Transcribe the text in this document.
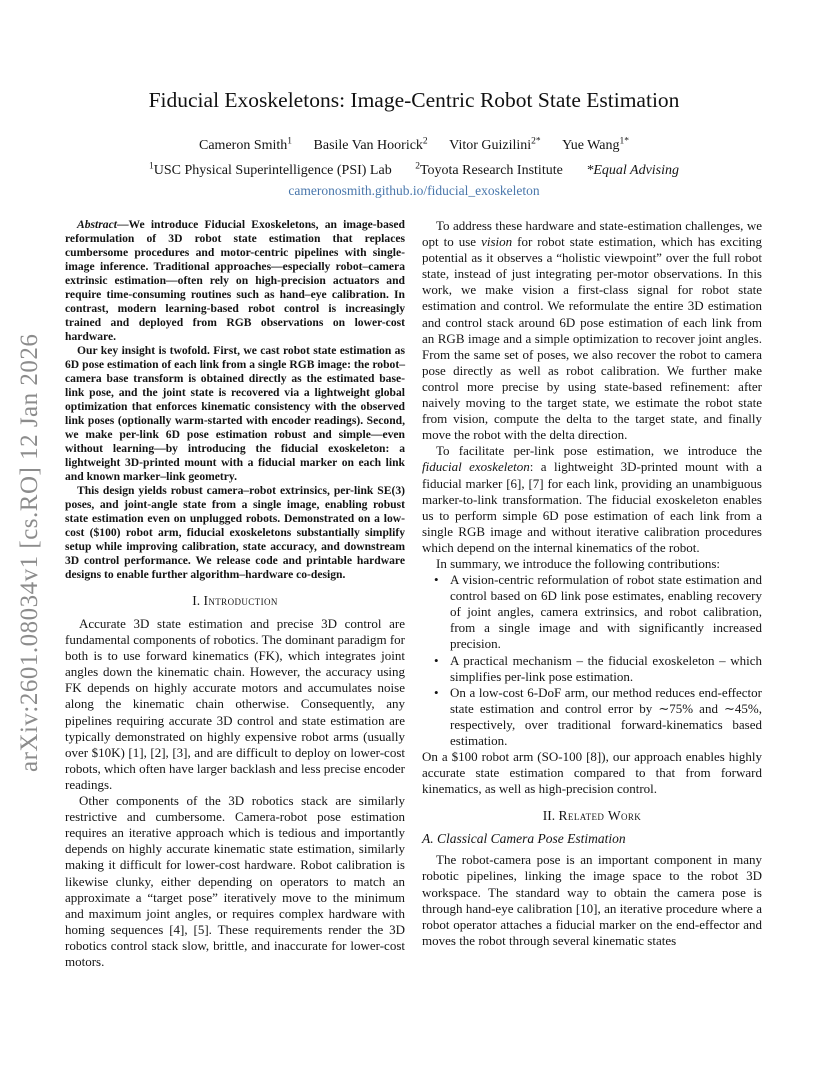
arXiv:2601.08034v1 [cs.RO] 12 Jan 2026
Fiducial Exoskeletons: Image-Centric Robot State Estimation
Cameron Smith$^1$ Basile Van Hoorick$^2$ Vitor Guizilini$^{2*}$ Yue Wang$^{1*}$
$^1$USC Physical Superintelligence (PSI) Lab $^2$Toyota Research Institute *Equal Advising
cameronosmith.github.io/fiducial_exoskeleton

Abstract—We introduce Fiducial Exoskeletons, an image-based reformulation of 3D robot state estimation that replaces cumbersome procedures and motor-centric pipelines with single-image inference. Traditional approaches—especially robot–camera extrinsic estimation—often rely on high-precision actuators and require time-consuming routines such as hand–eye calibration. In contrast, modern learning-based robot control is increasingly trained and deployed from RGB observations on lower-cost hardware.

Our key insight is twofold. First, we cast robot state estimation as 6D pose estimation of each link from a single RGB image: the robot–camera base transform is obtained directly as the estimated base-link pose, and the joint state is recovered via a lightweight global optimization that enforces kinematic consistency with the observed link poses (optionally warm-started with encoder readings). Second, we make per-link 6D pose estimation robust and simple—even without learning—by introducing the fiducial exoskeleton: a lightweight 3D-printed mount with a fiducial marker on each link and known marker–link geometry.

This design yields robust camera–robot extrinsics, per-link SE(3) poses, and joint-angle state from a single image, enabling robust state estimation even on unplugged robots. Demonstrated on a low-cost ($100) robot arm, fiducial exoskeletons substantially simplify setup while improving calibration, state accuracy, and downstream 3D control performance. We release code and printable hardware designs to enable further algorithm–hardware co-design.

I. Introduction

Accurate 3D state estimation and precise 3D control are fundamental components of robotics. The dominant paradigm for both is to use forward kinematics (FK), which integrates joint angles down the kinematic chain. However, the accuracy using FK depends on highly accurate motors and accumulates noise along the kinematic chain otherwise. Consequently, any pipelines requiring accurate 3D control and state estimation are typically demonstrated on highly expensive robot arms (usually over $10K) [1], [2], [3], and are difficult to deploy on lower-cost robots, which often have larger backlash and less precise encoder readings.

Other components of the 3D robotics stack are similarly restrictive and cumbersome. Camera-robot pose estimation requires an iterative approach which is tedious and importantly depends on highly accurate kinematic state estimation, similarly making it difficult for lower-cost hardware. Robot calibration is likewise clunky, either depending on operators to match an approximate a “target pose” iteratively move to the minimum and maximum joint angles, or requires complex hardware with homing sequences [4], [5]. These requirements render the 3D robotics control stack slow, brittle, and inaccurate for lower-cost motors.

To address these hardware and state-estimation challenges, we opt to use vision for robot state estimation, which has exciting potential as it observes a “holistic viewpoint” over the full robot state, instead of just integrating per-motor observations. In this work, we make vision a first-class signal for robot state estimation and control. We reformulate the entire 3D estimation and control stack around 6D pose estimation of each link from an RGB image and a simple optimization to recover joint angles. From the same set of poses, we also recover the robot to camera pose directly as well as robot calibration. We further make control more precise by using state-based refinement: after naively moving to the target state, we estimate the robot state from vision, compute the delta to the target state, and finally move the robot with the delta direction.

To facilitate per-link pose estimation, we introduce the fiducial exoskeleton: a lightweight 3D-printed mount with a fiducial marker [6], [7] for each link, providing an unambiguous marker-to-link transformation. The fiducial exoskeleton enables us to perform simple 6D pose estimation of each link from a single RGB image and without iterative calibration procedures which depend on the internal kinematics of the robot.

In summary, we introduce the following contributions:

• A vision-centric reformulation of robot state estimation and control based on 6D link pose estimates, enabling recovery of joint angles, camera extrinsics, and robot calibration, from a single image and with significantly increased precision.
• A practical mechanism – the fiducial exoskeleton – which simplifies per-link pose estimation.
• On a low-cost 6-DoF arm, our method reduces end-effector state estimation and control error by ∼75% and ∼45%, respectively, over traditional forward-kinematics based estimation.

On a $100 robot arm (SO-100 [8]), our approach enables highly accurate state estimation compared to that from forward kinematics, as well as high-precision control.

II. Related Work
A. Classical Camera Pose Estimation

The robot-camera pose is an important component in many robotic pipelines, linking the image space to the robot 3D workspace. The standard way to obtain the camera pose is through hand-eye calibration [10], an iterative procedure where a robot operator attaches a fiducial marker on the end-effector and moves the robot through several kinematic states
